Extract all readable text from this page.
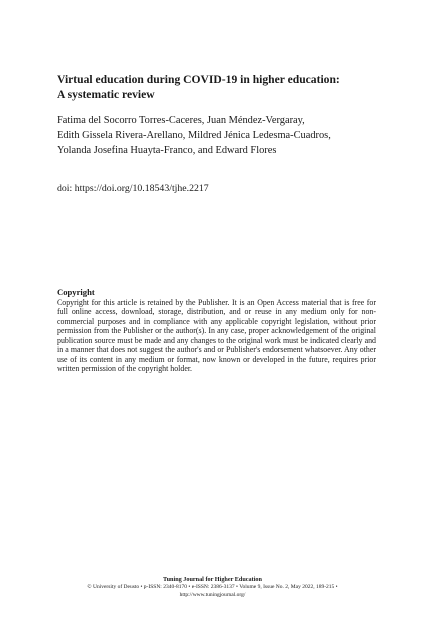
Virtual education during COVID-19 in higher education:
A systematic review

Fatima del Socorro Torres-Caceres, Juan Méndez-Vergaray,
Edith Gissela Rivera-Arellano, Mildred Jénica Ledesma-Cuadros,
Yolanda Josefina Huayta-Franco, and Edward Flores

doi: https://doi.org/10.18543/tjhe.2217

Copyright

Copyright for this article is retained by the Publisher. It is an Open Access material that is free for full online access, download, storage, distribution, and or reuse in any medium only for non-commercial purposes and in compliance with any applicable copyright legislation, without prior permission from the Publisher or the author(s). In any case, proper acknowledgement of the original publication source must be made and any changes to the original work must be indicated clearly and in a manner that does not suggest the author's and or Publisher's endorsement whatsoever. Any other use of its content in any medium or format, now known or developed in the future, requires prior written permission of the copyright holder.

Tuning Journal for Higher Education
© University of Deusto • p-ISSN: 2340-8170 • e-ISSN: 2386-3137 • Volume 9, Issue No. 2, May 2022, 189-215 •
http://www.tuningjournal.org/
